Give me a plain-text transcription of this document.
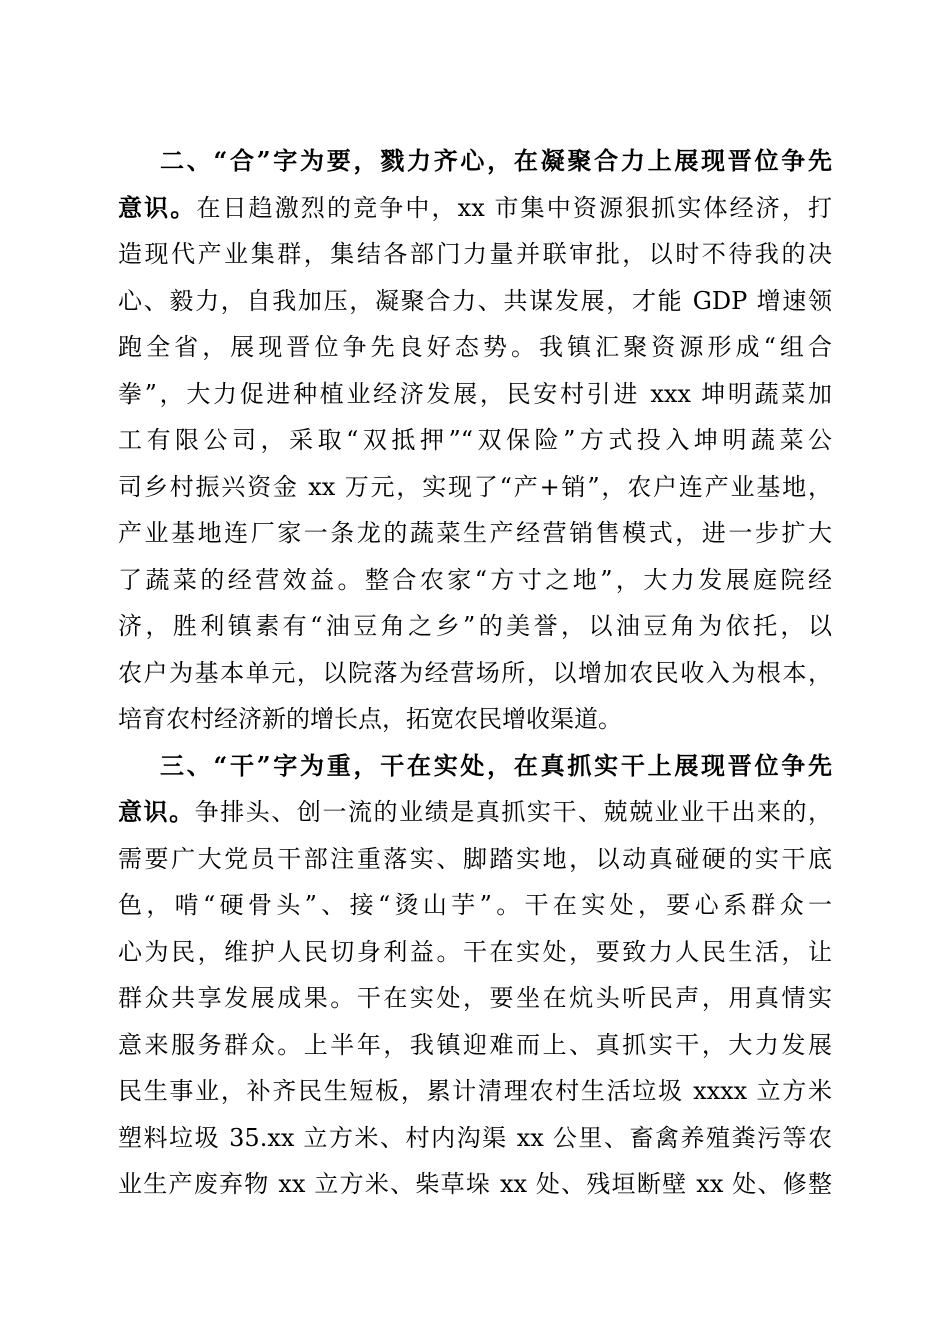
二、“合”字为要，戮力齐心，在凝聚合力上展现晋位争先
意识。在日趋激烈的竞争中，xx 市集中资源狠抓实体经济，打
造现代产业集群，集结各部门力量并联审批，以时不待我的决
心、毅力，自我加压，凝聚合力、共谋发展，才能 GDP 增速领
跑全省，展现晋位争先良好态势。我镇汇聚资源形成“组合
拳”，大力促进种植业经济发展，民安村引进 xxx 坤明蔬菜加
工有限公司，采取“双抵押”“双保险”方式投入坤明蔬菜公
司乡村振兴资金 xx 万元，实现了“产+销”，农户连产业基地，
产业基地连厂家一条龙的蔬菜生产经营销售模式，进一步扩大
了蔬菜的经营效益。整合农家“方寸之地”，大力发展庭院经
济，胜利镇素有“油豆角之乡”的美誉，以油豆角为依托，以
农户为基本单元，以院落为经营场所，以增加农民收入为根本，
培育农村经济新的增长点，拓宽农民增收渠道。
三、“干”字为重，干在实处，在真抓实干上展现晋位争先
意识。争排头、创一流的业绩是真抓实干、兢兢业业干出来的，
需要广大党员干部注重落实、脚踏实地，以动真碰硬的实干底
色，啃“硬骨头”、接“烫山芋”。干在实处，要心系群众一
心为民，维护人民切身利益。干在实处，要致力人民生活，让
群众共享发展成果。干在实处，要坐在炕头听民声，用真情实
意来服务群众。上半年，我镇迎难而上、真抓实干，大力发展
民生事业，补齐民生短板，累计清理农村生活垃圾 xxxx 立方米
塑料垃圾 35.xx 立方米、村内沟渠 xx 公里、畜禽养殖粪污等农
业生产废弃物 xx 立方米、柴草垛 xx 处、残垣断壁 xx 处、修整
